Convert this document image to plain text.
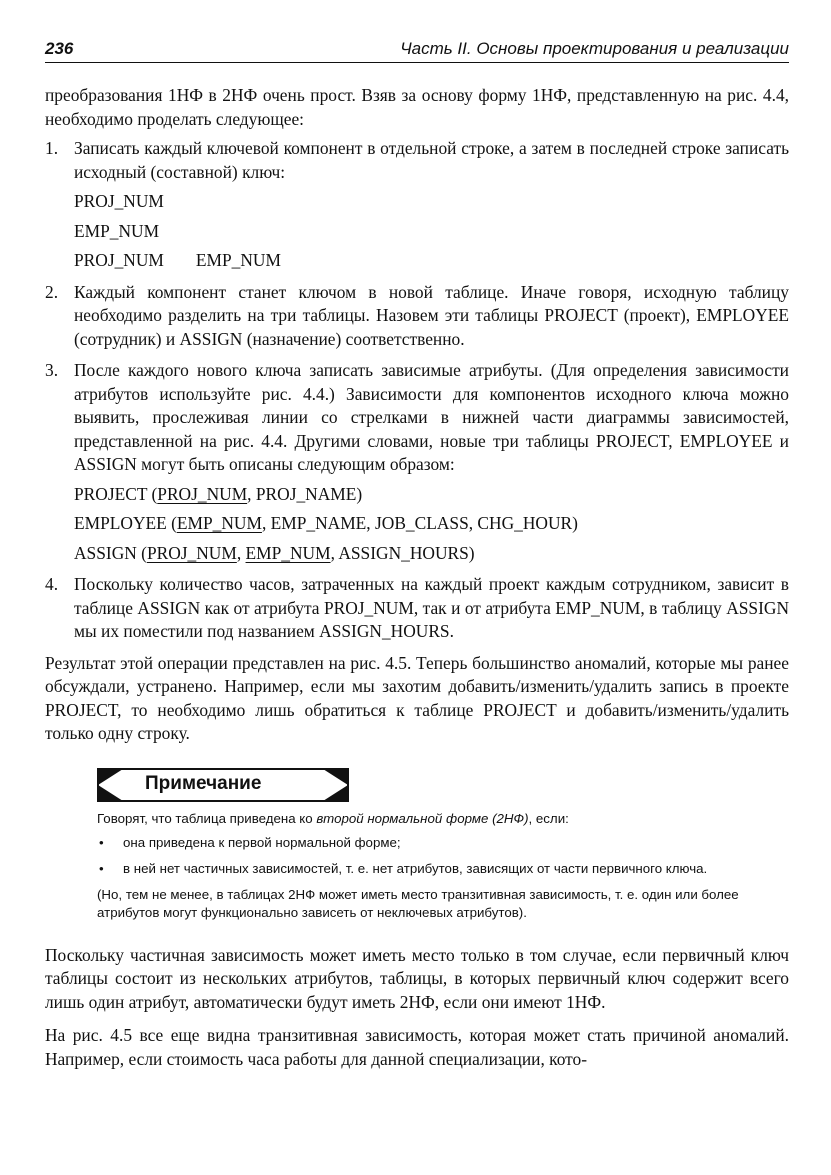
236	Часть II. Основы проектирования и реализации

преобразования 1НФ в 2НФ очень прост. Взяв за основу форму 1НФ, представленную на рис. 4.4, необходимо проделать следующее:

1. Записать каждый ключевой компонент в отдельной строке, а затем в последней строке записать исходный (составной) ключ:
PROJ_NUM
EMP_NUM
PROJ_NUM EMP_NUM
2. Каждый компонент станет ключом в новой таблице. Иначе говоря, исходную таблицу необходимо разделить на три таблицы. Назовем эти таблицы PROJECT (проект), EMPLOYEE (сотрудник) и ASSIGN (назначение) соответственно.
3. После каждого нового ключа записать зависимые атрибуты. (Для определения зависимости атрибутов используйте рис. 4.4.) Зависимости для компонентов исходного ключа можно выявить, прослеживая линии со стрелками в нижней части диаграммы зависимостей, представленной на рис. 4.4. Другими словами, новые три таблицы PROJECT, EMPLOYEE и ASSIGN могут быть описаны следующим образом:
PROJECT (PROJ_NUM, PROJ_NAME)
EMPLOYEE (EMP_NUM, EMP_NAME, JOB_CLASS, CHG_HOUR)
ASSIGN (PROJ_NUM, EMP_NUM, ASSIGN_HOURS)
4. Поскольку количество часов, затраченных на каждый проект каждым сотрудником, зависит в таблице ASSIGN как от атрибута PROJ_NUM, так и от атрибута EMP_NUM, в таблицу ASSIGN мы их поместили под названием ASSIGN_HOURS.

Результат этой операции представлен на рис. 4.5. Теперь большинство аномалий, которые мы ранее обсуждали, устранено. Например, если мы захотим добавить/изменить/удалить запись в проекте PROJECT, то необходимо лишь обратиться к таблице PROJECT и добавить/изменить/удалить только одну строку.

Примечание

Говорят, что таблица приведена ко второй нормальной форме (2НФ), если:

• она приведена к первой нормальной форме;
• в ней нет частичных зависимостей, т. е. нет атрибутов, зависящих от части первичного ключа.

(Но, тем не менее, в таблицах 2НФ может иметь место транзитивная зависимость, т. е. один или более атрибутов могут функционально зависеть от неключевых атрибутов).

Поскольку частичная зависимость может иметь место только в том случае, если первичный ключ таблицы состоит из нескольких атрибутов, таблицы, в которых первичный ключ содержит всего лишь один атрибут, автоматически будут иметь 2НФ, если они имеют 1НФ.

На рис. 4.5 все еще видна транзитивная зависимость, которая может стать причиной аномалий. Например, если стоимость часа работы для данной специализации, кото-
